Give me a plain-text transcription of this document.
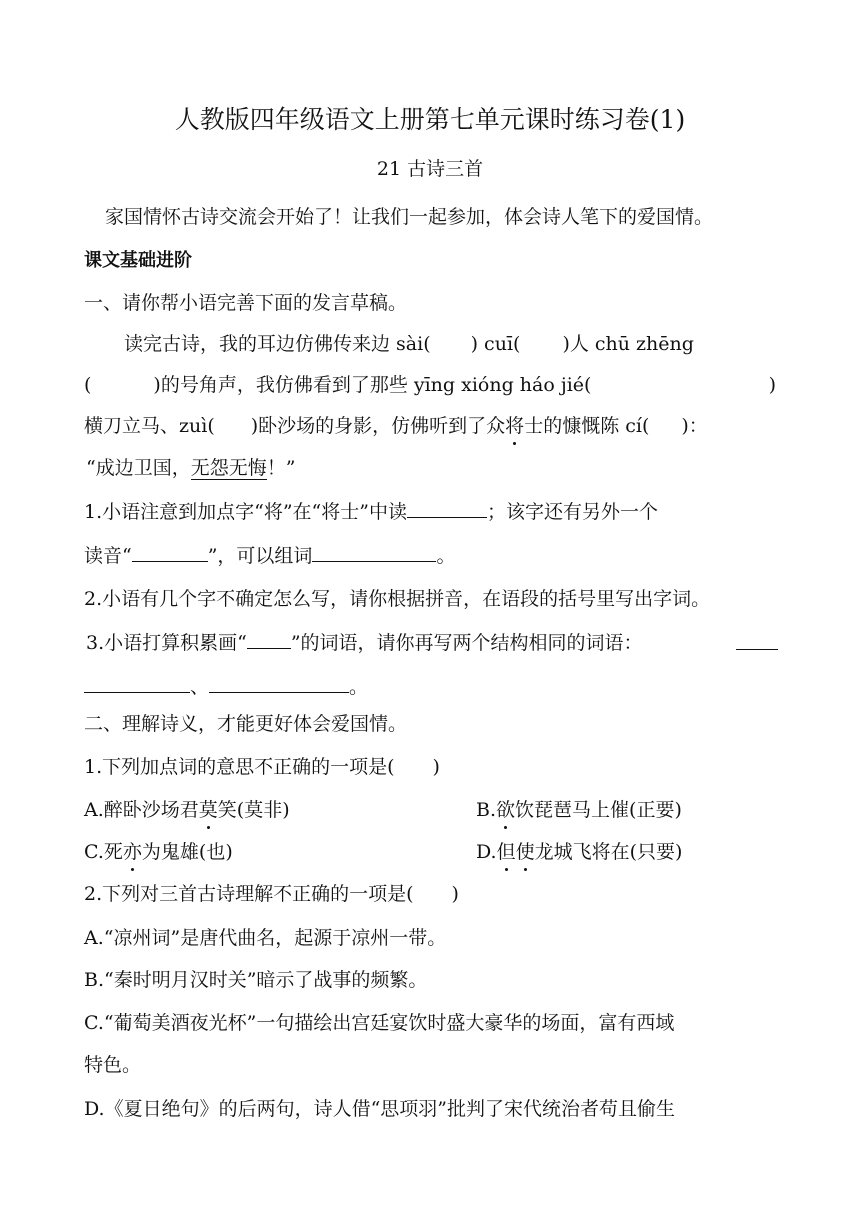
人教版四年级语文上册第七单元课时练习卷(1)
21 古诗三首
家国情怀古诗交流会开始了！让我们一起参加，体会诗人笔下的爱国情。
课文基础进阶
一、请你帮小语完善下面的发言草稿。
读完古诗，我的耳边仿佛传来边 sài( ) cuī( )人 chū zhēng
(	)的号角声，我仿佛看到了那些 yīng xióng háo jié(	)
横刀立马、zuì( )卧沙场的身影，仿佛听到了众将士的慷慨陈 cí( )：
“成边卫国，无怨无悔！”
1.小语注意到加点字“将”在“将士”中读	；该字还有另外一个
读音“	”，可以组词	。
2.小语有几个字不确定怎么写，请你根据拼音，在语段的括号里写出字词。
3.小语打算积累画“ ”的词语，请你再写两个结构相同的词语：
、	。
二、理解诗义，才能更好体会爱国情。
1.下列加点词的意思不正确的一项是(　　)
A.醉卧沙场君莫笑(莫非)	B.欲饮琵琶马上催(正要)
C.死亦为鬼雄(也)	D.但使龙城飞将在(只要)
2.下列对三首古诗理解不正确的一项是(　　)
A.“凉州词”是唐代曲名，起源于凉州一带。
B.“秦时明月汉时关”暗示了战事的频繁。
C.“葡萄美酒夜光杯”一句描绘出宫廷宴饮时盛大豪华的场面，富有西域
特色。
D.《夏日绝句》的后两句，诗人借“思项羽”批判了宋代统治者苟且偷生
